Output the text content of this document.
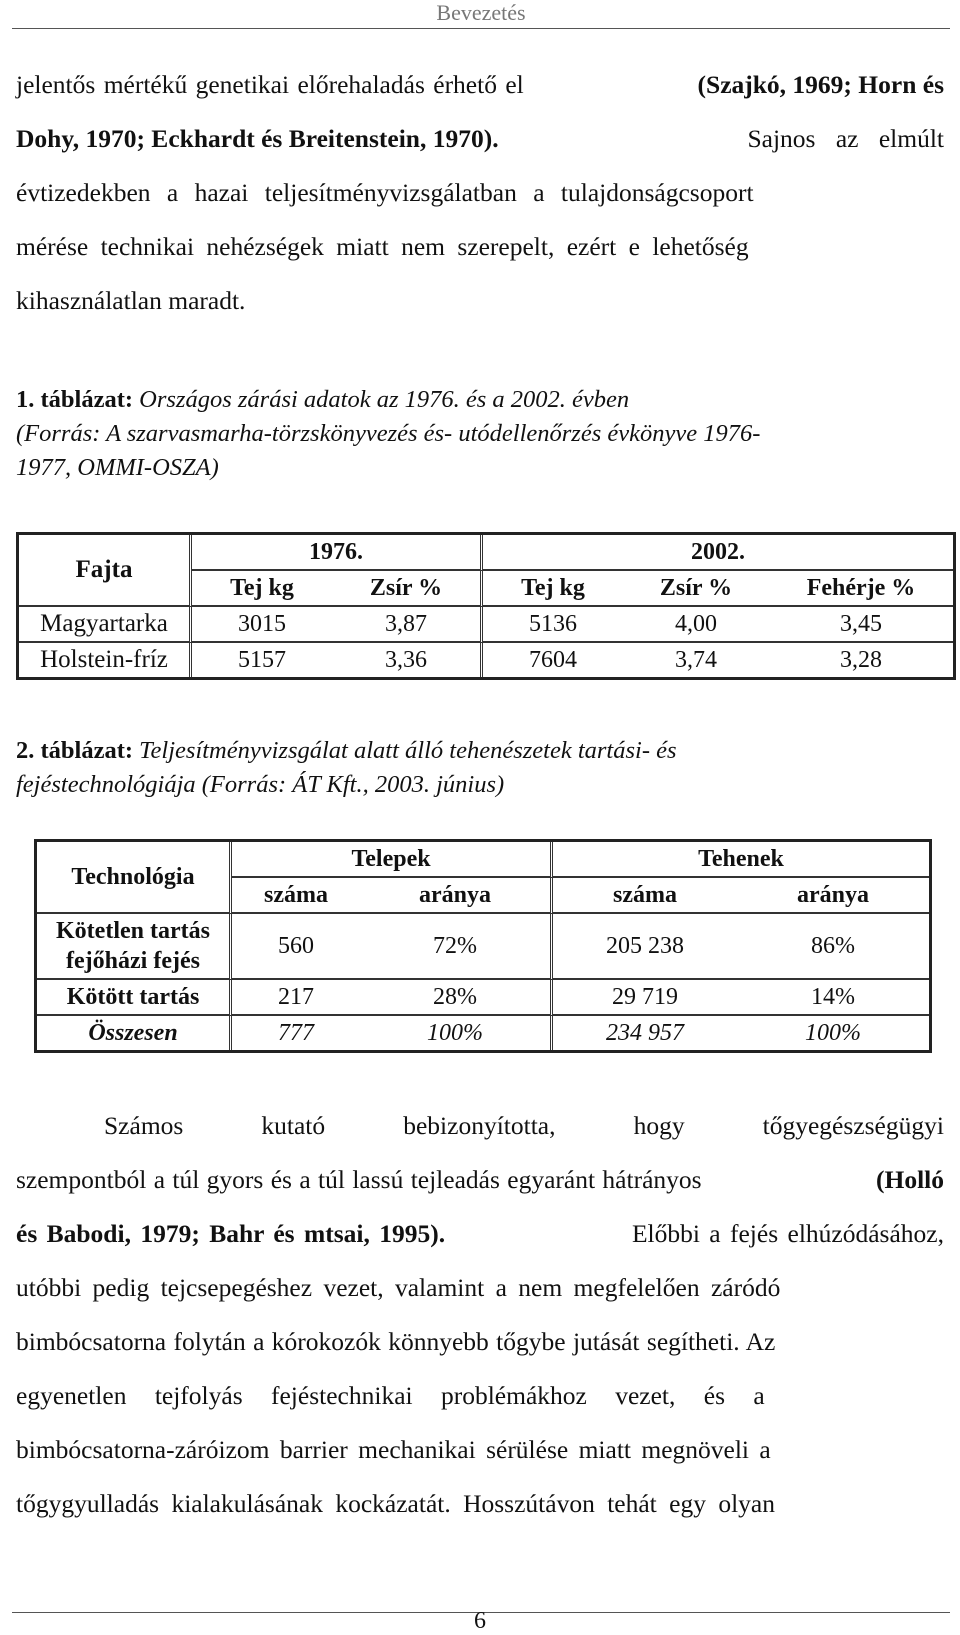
Bevezetés
jelentős mértékű genetikai előrehaladás érhető el	(Szajkó, 1969; Horn és
Dohy, 1970; Eckhardt és Breitenstein, 1970).	Sajnos az elmúlt
évtizedekben a hazai teljesítményvizsgálatban a tulajdonságcsoport
mérése technikai nehézségek miatt nem szerepelt, ezért e lehetőség
kihasználatlan maradt.
1. táblázat: Országos zárási adatok az 1976. és a 2002. évben
(Forrás: A szarvasmarha-törzskönyvezés és- utódellenőrzés évkönyve 1976-
1977, OMMI-OSZA)
Fajta	1976.		2002.		
	Tej kg	Zsír %	Tej kg	Zsír %	Fehérje %
Magyartarka	3015	3,87	5136	4,00	3,45
Holstein-fríz	5157	3,36	7604	3,74	3,28
2. táblázat: Teljesítményvizsgálat alatt álló tehenészetek tartási- és
fejéstechnológiája (Forrás: ÁT Kft., 2003. június)
Technológia	Telepek		Tehenek	
	száma	aránya	száma	aránya

Kötetlen tartás
fejőházi fejés	560	72%	205 238	86%
Kötött tartás	217	28%	29 719	14%
Összesen	777	100%	234 957	100%
Számos	kutató	bebizonyította,	hogy	tőgyegészségügyi
szempontból a túl gyors és a túl lassú tejleadás egyaránt hátrányos	(Holló
és Babodi, 1979; Bahr és mtsai, 1995).	Előbbi a fejés elhúzódásához,
utóbbi pedig tejcsepegéshez vezet, valamint a nem megfelelően záródó
bimbócsatorna folytán a kórokozók könnyebb tőgybe jutását segítheti. Az
egyenetlen tejfolyás fejéstechnikai problémákhoz vezet, és a
bimbócsatorna-záróizom barrier mechanikai sérülése miatt megnöveli a
tőgygyulladás kialakulásának kockázatát. Hosszútávon tehát egy olyan
6
